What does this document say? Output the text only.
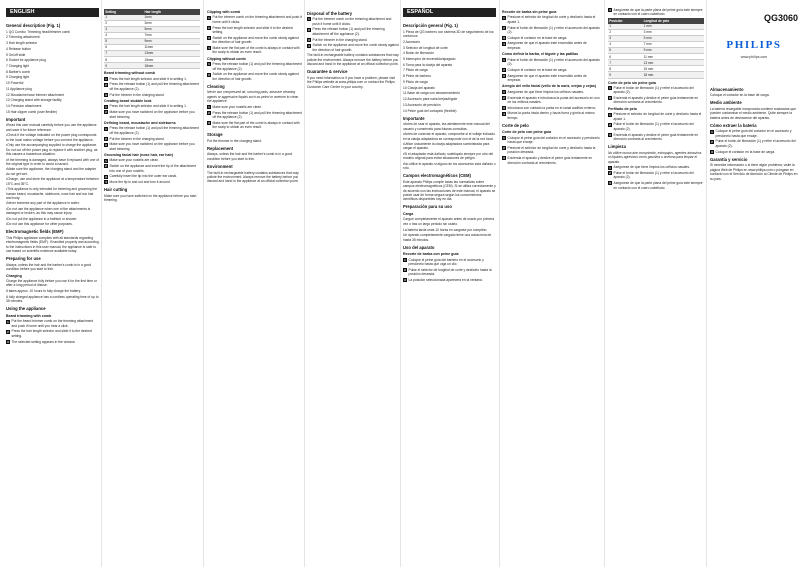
ENGLISH
General description (Fig. 1)

1 QG Combo: Trimming head/trimmer comb

2 Trimming attachment

3 Hair length selector

4 Release button

5 On/off slide

6 Socket for appliance plug

7 Charging light

8 Barber's comb

9 Charging light

10 Powerful

11 Appliance plug

12 Moustache/nose trimmer attachment

13 Charging stand with storage facility

14 Precision attachment

15 Hair clipper comb (user flexible)

Important

• Read this user manual carefully before you use the appliance and save it for future reference.

• Check if the voltage indicated on the power plug corresponds to the local mains voltage before you connect the appliance.

• Only use the accompanying supplied to charge the appliance. Do not cut off the power plug to replace it with another plug, as this causes a hazardous situation.

• If the trimming is damaged, always have it replaced with one of the original type in order to avoid a hazard.

• Make sure the appliance, the charging stand and the adapter do not get wet.

• Charge, use and store the appliance at a temperature between 15°C and 35°C.

• This appliance is only intended for trimming and grooming the human beard, moustache, sideburns, nose hair and ear hair and body.

• Never immerse any part of the appliance in water.

• Do not use the appliance when one of the attachments is damaged or broken, as this may cause injury.

• Do not put the appliance in a bathtub or shower.

• Do not use this appliance for other purposes.

Electromagnetic fields (EMF)

This Philips appliance complies with all standards regarding electromagnetic fields (EMF). If handled properly and according to the instructions in this user manual, the appliance is safe to use based on scientific evidence available today.

Preparing for use

Always, unless the hair and the barber's comb is in a good condition before you start to trim.

Charging

Charge the appliance fully before you use it for the first time or after a long period of disuse.

It takes approx. 10 hours to fully charge the battery.

A fully charged appliance has a cordless operating time of up to 35 minutes.

Using the appliance
Beard trimming with comb
1 Put the beard trimmer comb on the trimming attachment and push it home until you hear a click.
2 Press the hair length selector and slide it to the desired setting.
3 The selected setting appears in the window.
Setting	Hair length
1	1mm
2	3mm
3	5mm
4	7mm
5	9mm
6	11mm
7	13mm
8	15mm
9	18mm
Beard trimming without comb
1 Press the hair length selector and slide it to setting 1.
2 Press the release button (1) and pull the trimming attachment off the appliance (2).
3 Put the trimmer in the charging stand.
Creating beard stubble look
1 Press the hair length selector and slide it to setting 1.
2 Make sure you have switched on the appliance before you start trimming.
Defining beard, moustache and sideburns
1 Press the release button (1) and pull the trimming attachment off the appliance (2).
2 Put the trimmer in the charging stand.
3 Make sure you have switched on the appliance before you start trimming.
Grooming facial hair (nose hair, ear hair)
1 Make sure your nostrils are clean.
2 Switch on the appliance and insert the tip of the attachment into one of your nostrils.
3 Carefully insert the tip into the outer ear canal.
4 Move the tip in and out and turn it around.
Hair cutting

Make sure you have switched on the appliance before you start trimming.

Clipping with comb
1 Put the trimmer comb on the trimming attachment and push it home until it clicks.
2 Press the hair length selector and slide it to the desired setting.
3 Switch on the appliance and move the comb slowly against the direction of hair growth.
4 Make sure the flat part of the comb is always in contact with the scalp to obtain an even result.
Clipping without comb
1 Press the release button (1) and pull the trimming attachment off the appliance (2).
2 Switch on the appliance and move the comb slowly against the direction of hair growth.
Cleaning

Never use compressed air, scouring pads, abrasive cleaning agents or aggressive liquids such as petrol or acetone to clean the appliance.

1 Make sure your nostrils are clean.
2 Press the release button (1) and pull the trimming attachment off the appliance (2).
3 Make sure the flat part of the comb is always in contact with the scalp to obtain an even result.
Storage

Put the trimmer in the charging stand.

Replacement

Always, unless the hair and the barber's comb is in a good condition before you start to trim.

Environment

The built-in rechargeable battery contains substances that may pollute the environment. Always remove the battery before you discard and hand in the appliance at an official collection point.

Disposal of the battery
1 Put the trimmer comb on the trimming attachment and push it home until it clicks.
2 Press the release button (1) and pull the trimming attachment off the appliance (2).
3 Put the trimmer in the charging stand.
4 Switch on the appliance and move the comb slowly against the direction of hair growth.

The built-in rechargeable battery contains substances that may pollute the environment. Always remove the battery before you discard and hand in the appliance at an official collection point.

Guarantee & service

If you need information or if you have a problem, please visit the Philips website at www.philips.com or contact the Philips Customer Care Centre in your country.

ESPAÑOL
Descripción general (Fig. 1)

1 Pieza de QG barbero con sistema 3D de seguimiento de los contornos

2 Accesorio

3 Selector de longitud de corte

4 Botón de liberación

5 Interruptor de encendido/apagado

6 Toma para la clavija del aparato

7 Piloto de carga

8 Peine de barbero

9 Piloto de carga

10 Clavija del aparato

11 Base de carga con almacenamiento

12 Accesorio para nariz/orejas/bigote

13 Accesorio de precisión

14 Peine guía del cortapelo (flexible)

Importante

• Antes de usar el aparato, lea atentamente este manual del usuario y consérvelo para futuras consultas.

• Antes de conectar el aparato, compruebe si el voltaje indicado en la clavija adaptadora se corresponde con el de la red local.

• Utilice únicamente la clavija adaptadora suministrada para cargar el aparato.

• Si el adaptador está dañado, sustitúyalo siempre por otro del modelo original para evitar situaciones de peligro.

• No utilice el aparato si alguno de los accesorios está dañado o roto.

Campos electromagnéticos (CEM)

Este aparato Philips cumple todas las normativas sobre campos electromagnéticos (CEM). Si se utiliza correctamente y de acuerdo con las instrucciones de este manual, el aparato se puede usar de forma segura según los conocimientos científicos disponibles hoy en día.

Preparación para su uso
Carga

Cargue completamente el aparato antes de usarlo por primera vez o tras un largo periodo sin usarlo.

La batería tarda unas 10 horas en cargarse por completo.

Un aparato completamente cargado tiene una autonomía de hasta 35 minutos.

Uso del aparato
Recorte de barba con peine guía
1 Coloque el peine guía del barbero en el accesorio y presiónelo hasta que oiga un clic.
2 Pulse el selector de longitud de corte y deslícelo hasta la posición deseada.
3 La posición seleccionada aparecerá en la ventana.
Recorte de barba sin peine guía
1 Presione el selector de longitud de corte y deslícelo hasta el ajuste 1.
2 Pulse el botón de liberación (1) y retire el accesorio del aparato (2).
3 Coloque el cortador en la base de carga.
4 Asegúrese de que el aparato esté encendido antes de empezar.
Cómo definir la barba, el bigote y las patillas
1 Pulse el botón de liberación (1) y retire el accesorio del aparato (2).
2 Coloque el cortador en la base de carga.
3 Asegúrese de que el aparato esté encendido antes de empezar.
Arreglo del vello facial (vello de la nariz, orejas y cejas)
1 Asegúrese de que tiene limpios los orificios nasales.
2 Encienda el aparato e introduzca la punta del accesorio en uno de los orificios nasales.
3 Introduzca con cuidado la punta en el canal auditivo externo.
4 Mueva la punta hacia dentro y hacia fuera y gírela al mismo tiempo.
Corte de pelo
Corte de pelo con peine guía
1 Coloque el peine guía del cortador en el accesorio y presiónelo hasta que encaje.
2 Presione el selector de longitud de corte y deslícelo hasta la posición deseada.
3 Encienda el aparato y deslice el peine guía lentamente en dirección contraria al crecimiento.
4 Asegúrese de que la parte plana del peine guía esté siempre en contacto con el cuero cabelludo.
Posición	Longitud de pelo
1	1 mm
2	3 mm
3	5 mm
4	7 mm
5	9 mm
6	11 mm
7	13 mm
8	15 mm
9	18 mm
Corte de pelo sin peine guía
1 Pulse el botón de liberación (1) y retire el accesorio del aparato (2).
2 Encienda el aparato y deslice el peine guía lentamente en dirección contraria al crecimiento.
Perfilado de pelo
1 Presione el selector de longitud de corte y deslícelo hasta el ajuste 1.
2 Pulse el botón de liberación (1) y retire el accesorio del aparato (2).
3 Encienda el aparato y deslice el peine guía lentamente en dirección contraria al crecimiento.
Limpieza

No utilice nunca aire comprimido, estropajos, agentes abrasivos ni líquidos agresivos como gasolina o acetona para limpiar el aparato.

1 Asegúrese de que tiene limpios los orificios nasales.
2 Pulse el botón de liberación (1) y retire el accesorio del aparato (2).
3 Asegúrese de que la parte plana del peine guía esté siempre en contacto con el cuero cabelludo.
QG3060
PHILIPS
www.philips.com
Almacenamiento

Coloque el cortador en la base de carga.

Medio ambiente

La batería recargable incorporada contiene sustancias que pueden contaminar el medio ambiente. Quite siempre la batería antes de deshacerse del aparato.

Cómo extraer la batería
1 Coloque el peine guía del cortador en el accesorio y presiónelo hasta que encaje.
2 Pulse el botón de liberación (1) y retire el accesorio del aparato (2).
3 Coloque el cortador en la base de carga.
Garantía y servicio

Si necesita información o si tiene algún problema, visite la página Web de Philips en www.philips.com o póngase en contacto con el Servicio de Atención al Cliente de Philips en su país.
